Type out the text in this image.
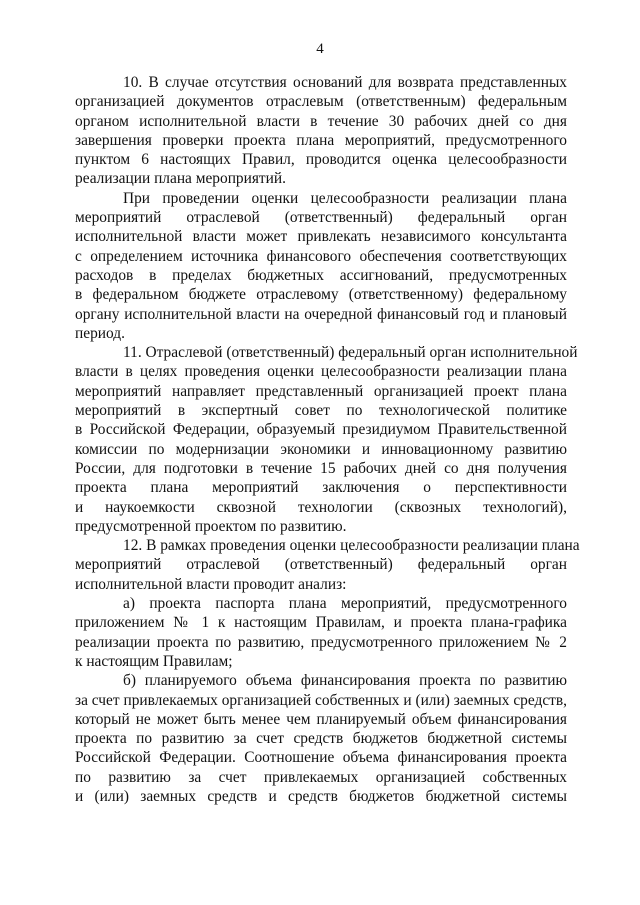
4
10. В случае отсутствия оснований для возврата представленных
организацией документов отраслевым (ответственным) федеральным
органом исполнительной власти в течение 30 рабочих дней со дня
завершения проверки проекта плана мероприятий, предусмотренного
пунктом 6 настоящих Правил, проводится оценка целесообразности
реализации плана мероприятий.
При проведении оценки целесообразности реализации плана
мероприятий отраслевой (ответственный) федеральный орган
исполнительной власти может привлекать независимого консультанта
с определением источника финансового обеспечения соответствующих
расходов в пределах бюджетных ассигнований, предусмотренных
в федеральном бюджете отраслевому (ответственному) федеральному
органу исполнительной власти на очередной финансовый год и плановый
период.
11. Отраслевой (ответственный) федеральный орган исполнительной
власти в целях проведения оценки целесообразности реализации плана
мероприятий направляет представленный организацией проект плана
мероприятий в экспертный совет по технологической политике
в Российской Федерации, образуемый президиумом Правительственной
комиссии по модернизации экономики и инновационному развитию
России, для подготовки в течение 15 рабочих дней со дня получения
проекта плана мероприятий заключения о перспективности
и наукоемкости сквозной технологии (сквозных технологий),
предусмотренной проектом по развитию.
12. В рамках проведения оценки целесообразности реализации плана
мероприятий отраслевой (ответственный) федеральный орган
исполнительной власти проводит анализ:
а) проекта паспорта плана мероприятий, предусмотренного
приложением № 1 к настоящим Правилам, и проекта плана-графика
реализации проекта по развитию, предусмотренного приложением № 2
к настоящим Правилам;
б) планируемого объема финансирования проекта по развитию
за счет привлекаемых организацией собственных и (или) заемных средств,
который не может быть менее чем планируемый объем финансирования
проекта по развитию за счет средств бюджетов бюджетной системы
Российской Федерации. Соотношение объема финансирования проекта
по развитию за счет привлекаемых организацией собственных
и (или) заемных средств и средств бюджетов бюджетной системы
